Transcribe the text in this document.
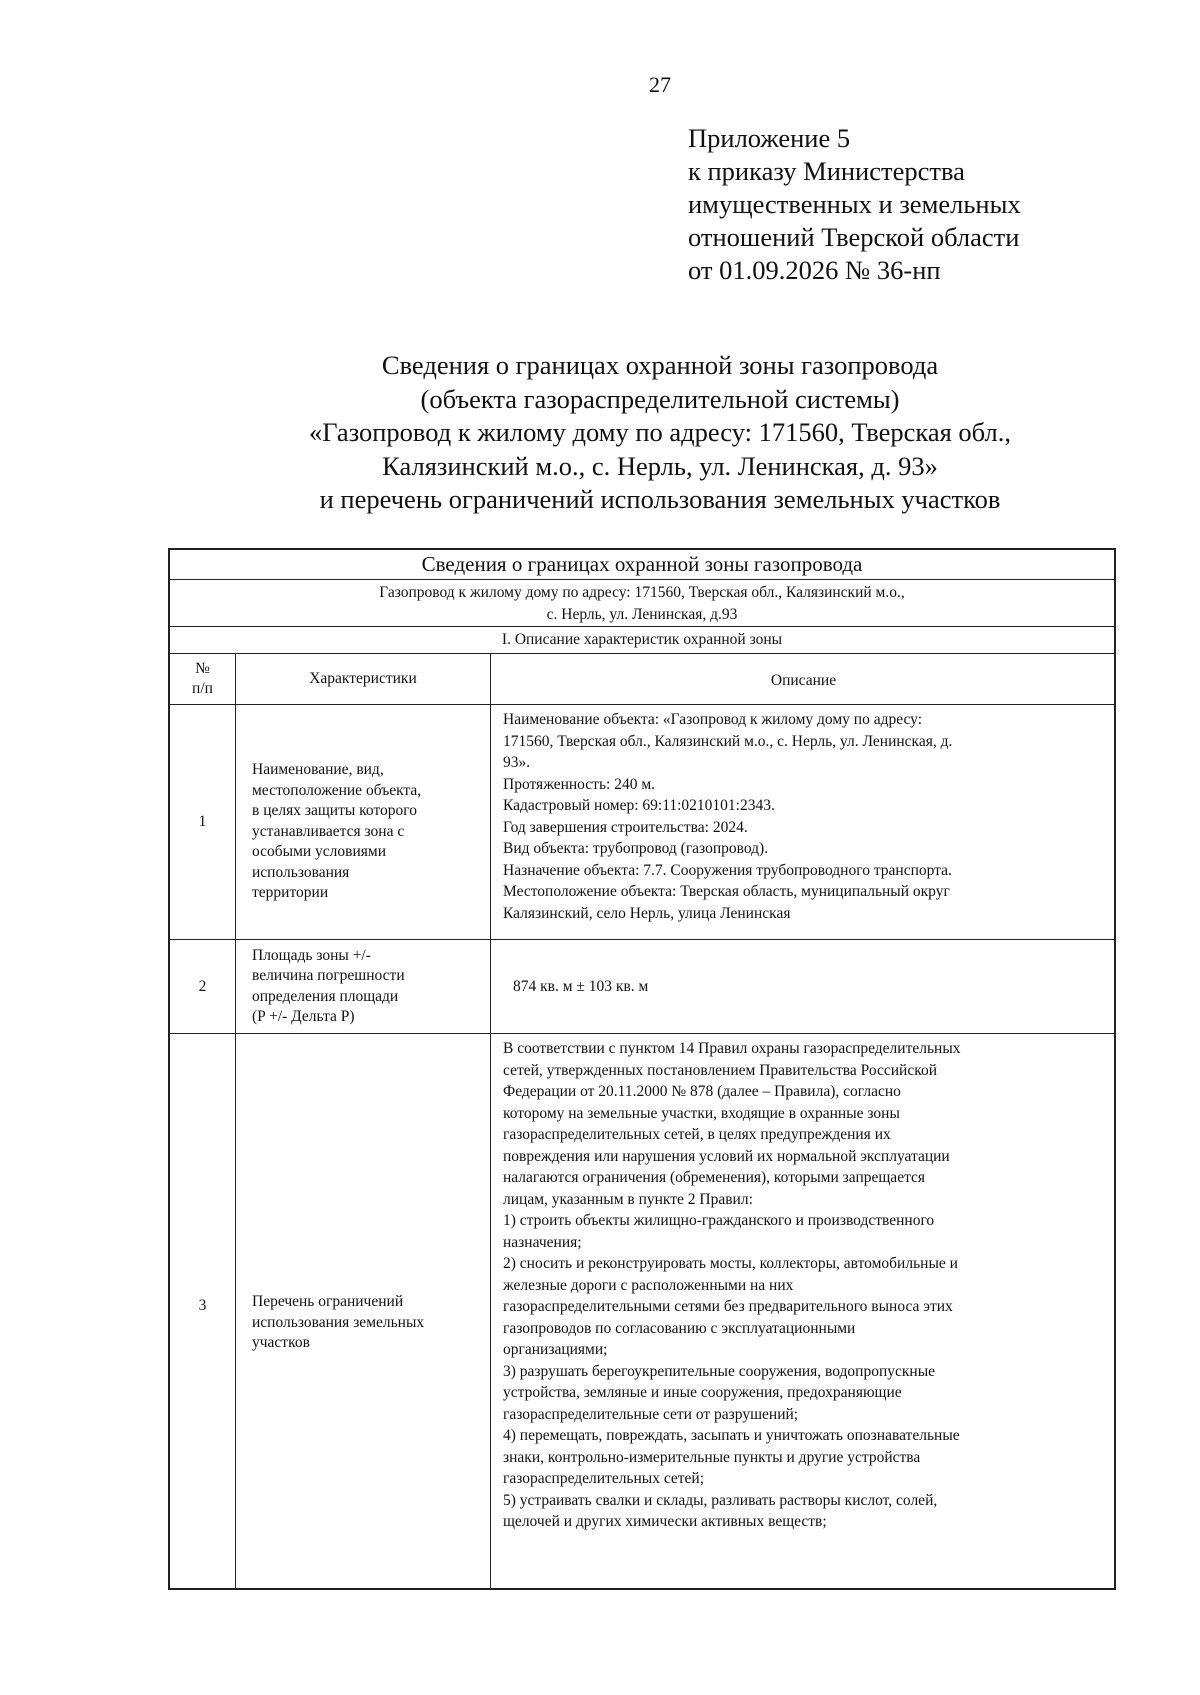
27
Приложение 5
к приказу Министерства
имущественных и земельных
отношений Тверской области
от 01.09.2026 № 36-нп
Сведения о границах охранной зоны газопровода
(объекта газораспределительной системы)
«Газопровод к жилому дому по адресу: 171560, Тверская обл.,
Калязинский м.о., с. Нерль, ул. Ленинская, д. 93»
и перечень ограничений использования земельных участков
Сведения о границах охранной зоны газопровода
Газопровод к жилому дому по адресу: 171560, Тверская обл., Калязинский м.о.,
с. Нерль, ул. Ленинская, д.93
I. Описание характеристик охранной зоны
№
п/п
Характеристики	Описание
1
Наименование, вид,
местоположение объекта,
в целях защиты которого
устанавливается зона с
особыми условиями
использования
территории
Наименование объекта: «Газопровод к жилому дому по адресу:
171560, Тверская обл., Калязинский м.о., с. Нерль, ул. Ленинская, д.
93».
Протяженность: 240 м.
Кадастровый номер: 69:11:0210101:2343.
Год завершения строительства: 2024.
Вид объекта: трубопровод (газопровод).
Назначение объекта: 7.7. Сооружения трубопроводного транспорта.
Местоположение объекта: Тверская область, муниципальный округ
Калязинский, село Нерль, улица Ленинская
2
Площадь зоны +/-
величина погрешности
определения площади
(P +/- Дельта P)
874 кв. м ± 103 кв. м
3	Перечень ограничений
использования земельных
участков
В соответствии с пунктом 14 Правил охраны газораспределительных
сетей, утвержденных постановлением Правительства Российской
Федерации от 20.11.2000 № 878 (далее – Правила), согласно
которому на земельные участки, входящие в охранные зоны
газораспределительных сетей, в целях предупреждения их
повреждения или нарушения условий их нормальной эксплуатации
налагаются ограничения (обременения), которыми запрещается
лицам, указанным в пункте 2 Правил:
1) строить объекты жилищно-гражданского и производственного
назначения;
2) сносить и реконструировать мосты, коллекторы, автомобильные и
железные дороги с расположенными на них
газораспределительными сетями без предварительного выноса этих
газопроводов по согласованию с эксплуатационными
организациями;
3) разрушать берегоукрепительные сооружения, водопропускные
устройства, земляные и иные сооружения, предохраняющие
газораспределительные сети от разрушений;
4) перемещать, повреждать, засыпать и уничтожать опознавательные
знаки, контрольно-измерительные пункты и другие устройства
газораспределительных сетей;
5) устраивать свалки и склады, разливать растворы кислот, солей,
щелочей и других химически активных веществ;
